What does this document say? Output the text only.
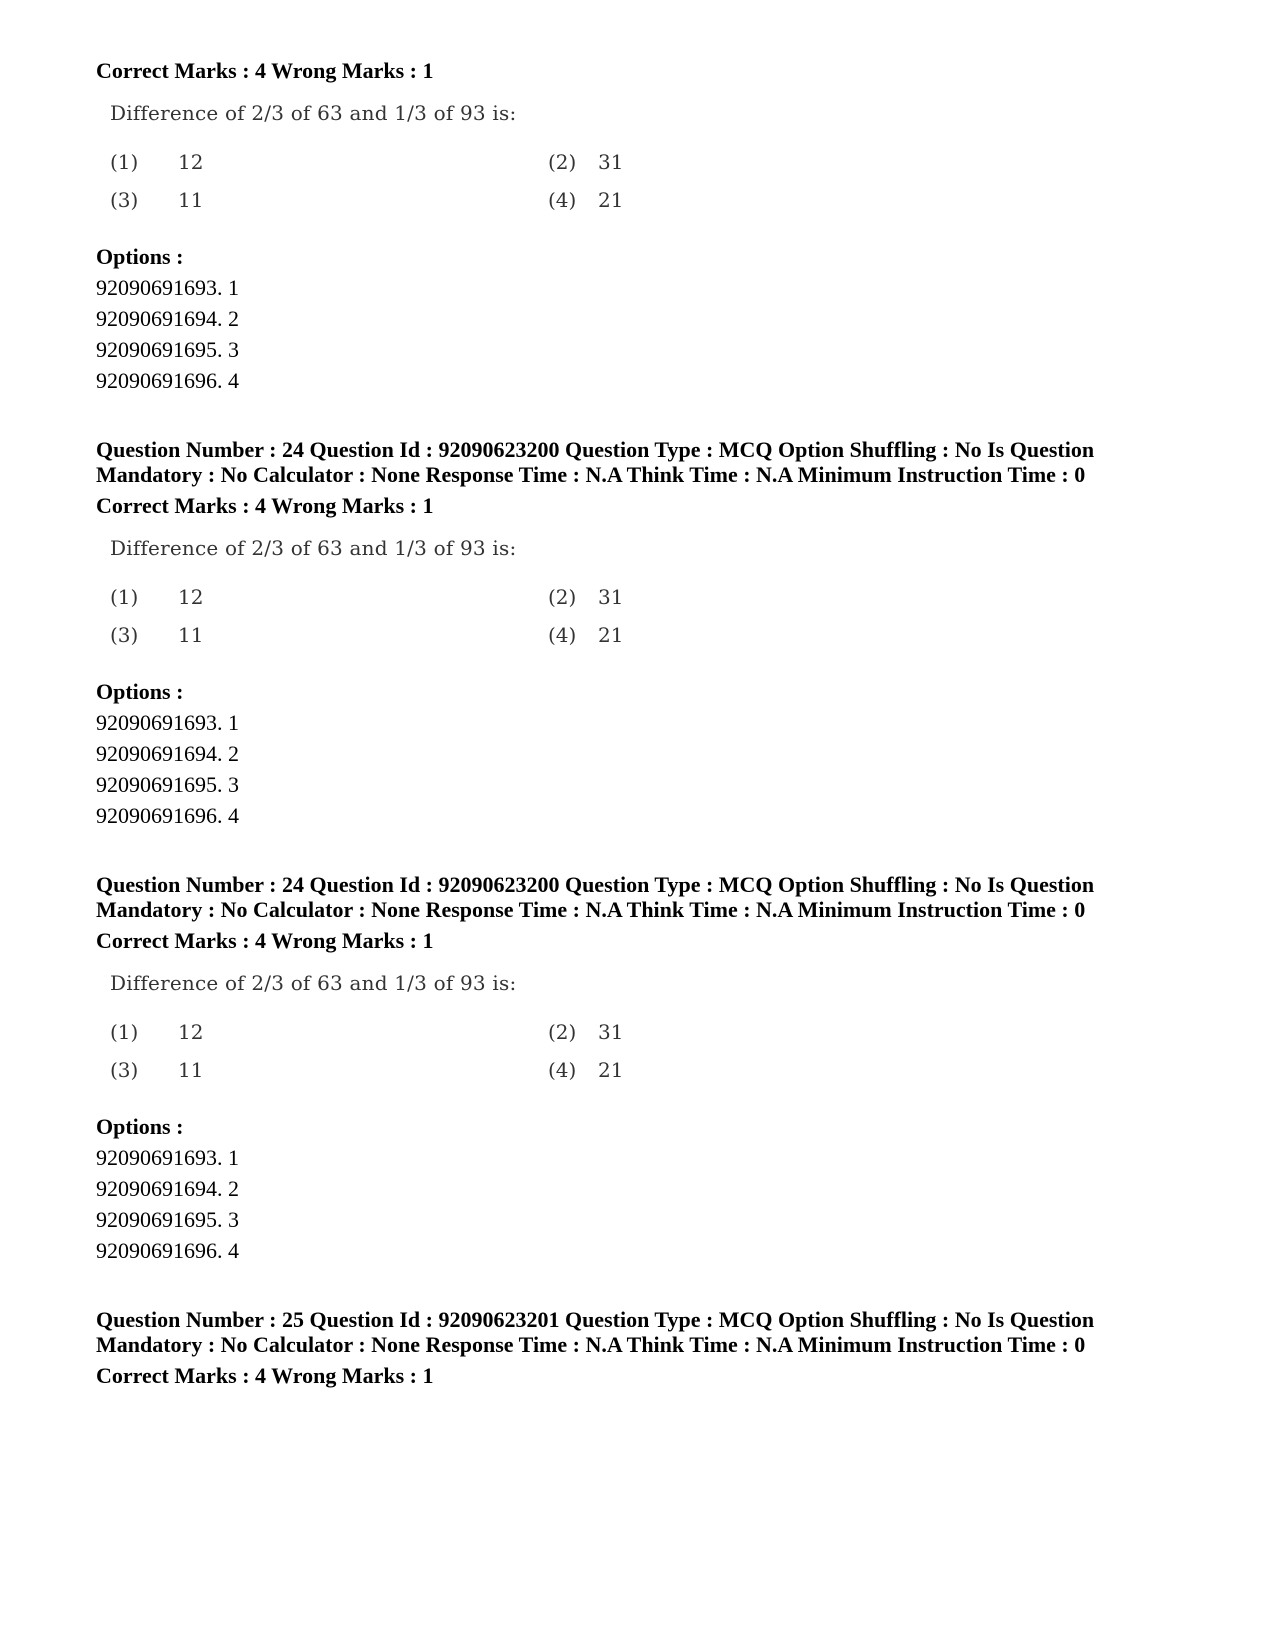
Correct Marks : 4 Wrong Marks : 1
Difference of 2/3 of 63 and 1/3 of 93 is:
(1) 12	(2) 31
(3) 11	(4) 21
Options :
92090691693. 1
92090691694. 2
92090691695. 3
92090691696. 4
Question Number : 24 Question Id : 92090623200 Question Type : MCQ Option Shuffling : No Is Question
Mandatory : No Calculator : None Response Time : N.A Think Time : N.A Minimum Instruction Time : 0
Correct Marks : 4 Wrong Marks : 1
Difference of 2/3 of 63 and 1/3 of 93 is:
(1) 12	(2) 31
(3) 11	(4) 21
Options :
92090691693. 1
92090691694. 2
92090691695. 3
92090691696. 4
Question Number : 24 Question Id : 92090623200 Question Type : MCQ Option Shuffling : No Is Question
Mandatory : No Calculator : None Response Time : N.A Think Time : N.A Minimum Instruction Time : 0
Correct Marks : 4 Wrong Marks : 1
Difference of 2/3 of 63 and 1/3 of 93 is:
(1) 12	(2) 31
(3) 11	(4) 21
Options :
92090691693. 1
92090691694. 2
92090691695. 3
92090691696. 4
Question Number : 25 Question Id : 92090623201 Question Type : MCQ Option Shuffling : No Is Question
Mandatory : No Calculator : None Response Time : N.A Think Time : N.A Minimum Instruction Time : 0
Correct Marks : 4 Wrong Marks : 1
